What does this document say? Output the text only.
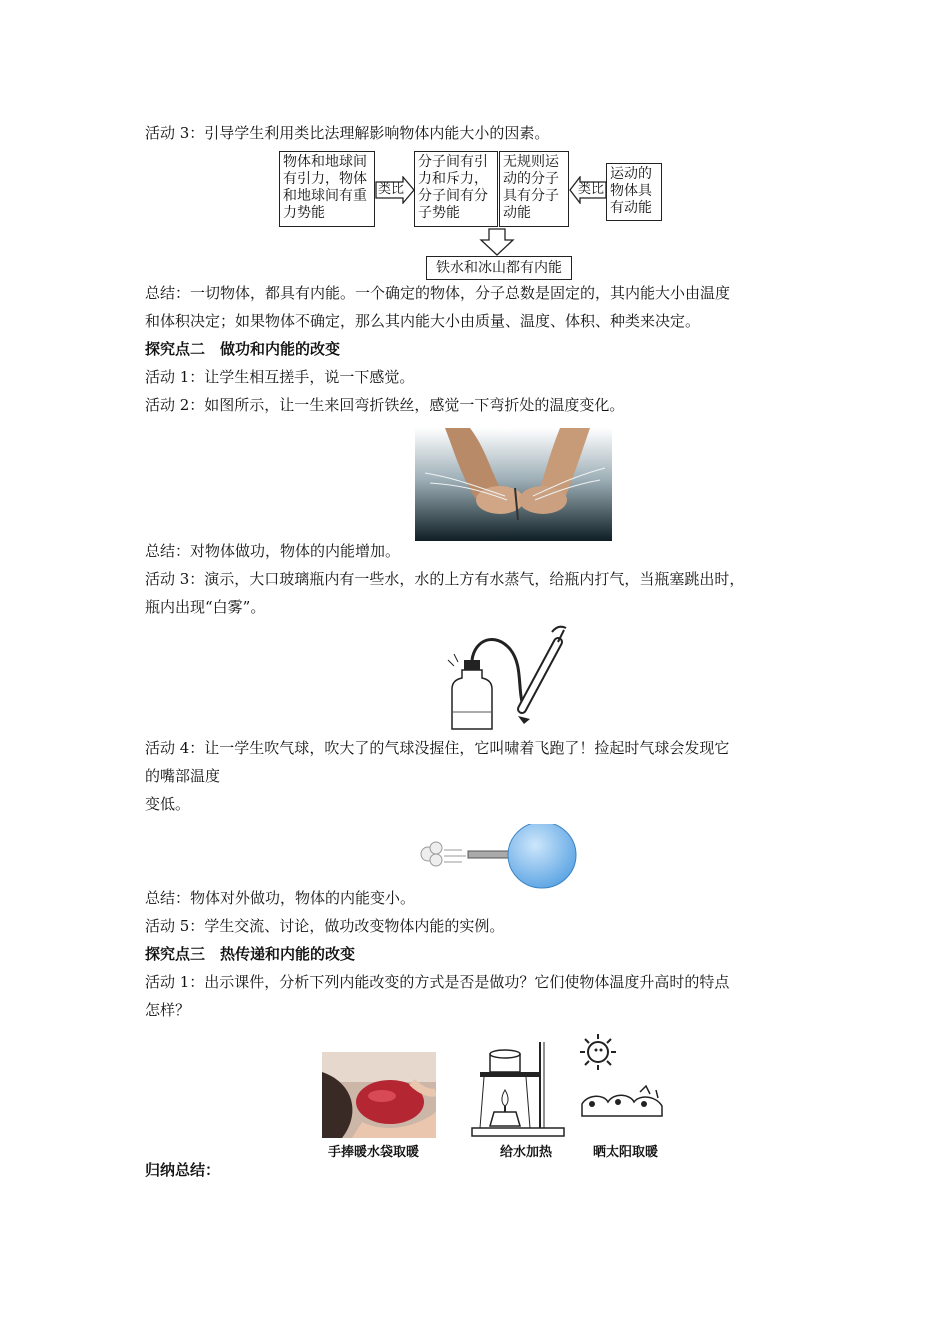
活动 3：引导学生利用类比法理解影响物体内能大小的因素。
物体和地球间
有引力，物体
和地球间有重
力势能
分子间有引
力和斥力，
分子间有分
子势能
无规则运
动的分子
具有分子
动能
运动的
物体具
有动能
类比	类比
铁水和冰山都有内能
总结：一切物体，都具有内能。一个确定的物体，分子总数是固定的，其内能大小由温度
和体积决定；如果物体不确定，那么其内能大小由质量、温度、体积、种类来决定。
探究点二　做功和内能的改变
活动 1：让学生相互搓手，说一下感觉。
活动 2：如图所示，让一生来回弯折铁丝，感觉一下弯折处的温度变化。
总结：对物体做功，物体的内能增加。
活动 3：演示，大口玻璃瓶内有一些水，水的上方有水蒸气，给瓶内打气，当瓶塞跳出时，
瓶内出现“白雾”。
活动 4：让一学生吹气球，吹大了的气球没握住，它叫啸着飞跑了！捡起时气球会发现它
的嘴部温度
变低。
总结：物体对外做功，物体的内能变小。
活动 5：学生交流、讨论，做功改变物体内能的实例。
探究点三　热传递和内能的改变
活动 1：出示课件，分析下列内能改变的方式是否是做功？它们使物体温度升高时的特点
怎样？
手捧暖水袋取暖	给水加热	晒太阳取暖
归纳总结：
